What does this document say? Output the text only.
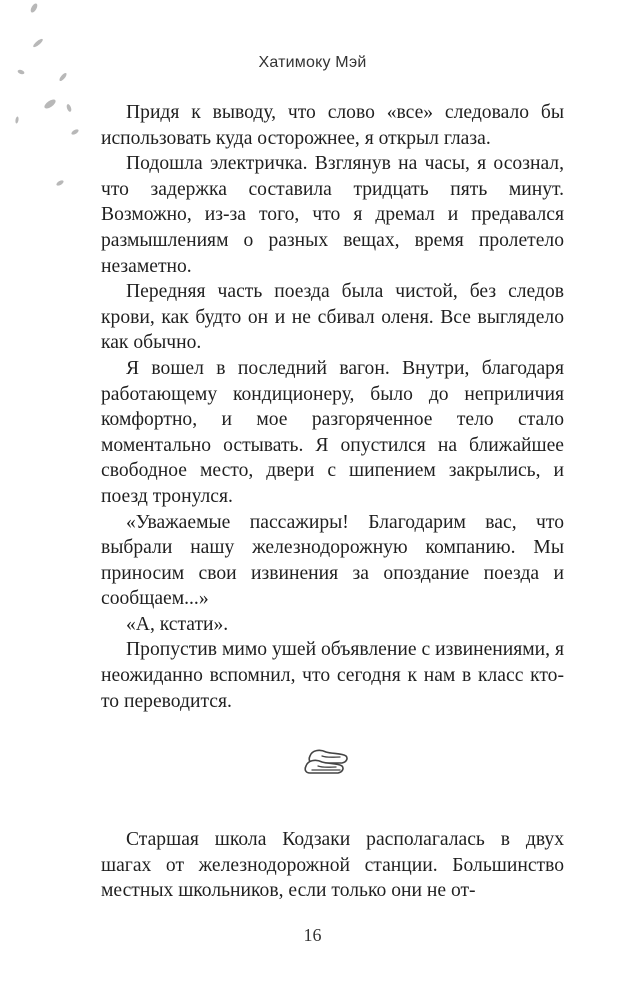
Хатимоку Мэй

Придя к выводу, что слово «все» следовало бы использовать куда осторожнее, я открыл глаза.

Подошла электричка. Взглянув на часы, я осознал, что задержка составила тридцать пять минут. Возможно, из-за того, что я дремал и предавался размышлениям о разных вещах, время пролетело незаметно.

Передняя часть поезда была чистой, без следов крови, как будто он и не сбивал оленя. Все выглядело как обычно.

Я вошел в последний вагон. Внутри, благодаря работающему кондиционеру, было до неприличия комфортно, и мое разгоряченное тело стало моментально остывать. Я опустился на ближайшее свободное место, двери с шипением закрылись, и поезд тронулся.

«Уважаемые пассажиры! Благодарим вас, что выбрали нашу железнодорожную компанию. Мы приносим свои извинения за опоздание поезда и сообщаем...»

«А, кстати».

Пропустив мимо ушей объявление с извинениями, я неожиданно вспомнил, что сегодня к нам в класс кто-то переводится.

Старшая школа Кодзаки располагалась в двух шагах от железнодорожной станции. Большинство местных школьников, если только они не от-

16
